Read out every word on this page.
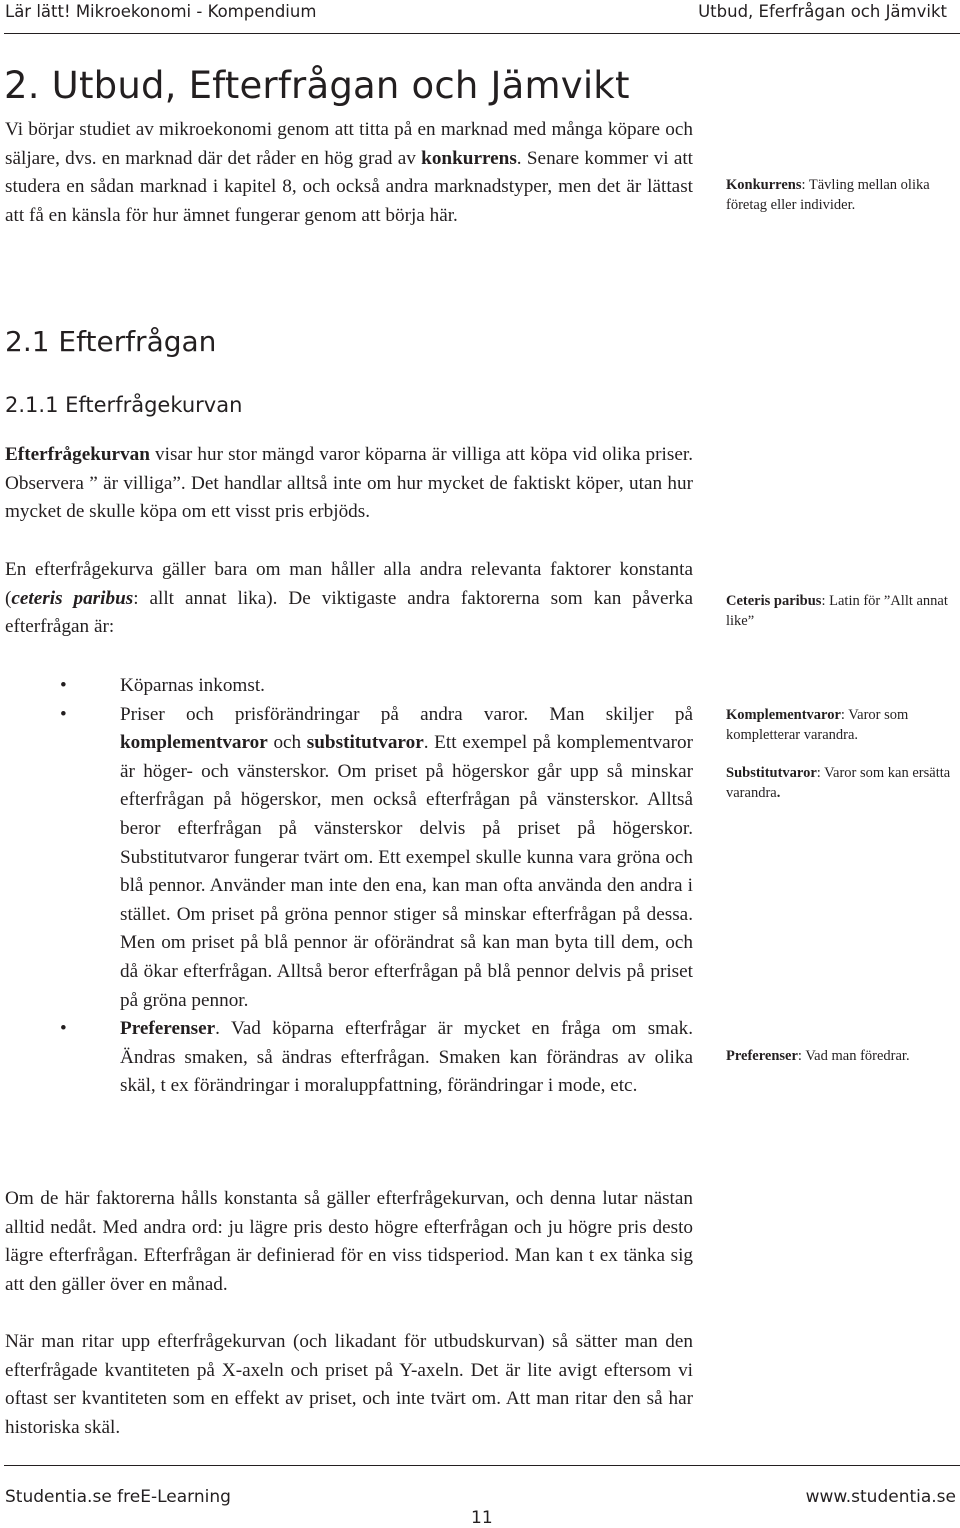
Lär lätt! Mikroekonomi - Kompendium	Utbud, Eferfrågan och Jämvikt
2. Utbud, Efterfrågan och Jämvikt

Vi börjar studiet av mikroekonomi genom att titta på en marknad med många köpare och säljare, dvs. en marknad där det råder en hög grad av konkurrens. Senare kommer vi att studera en sådan marknad i kapitel 8, och också andra marknadstyper, men det är lättast att få en känsla för hur ämnet fungerar genom att börja här.

Konkurrens: Tävling mellan olika företag eller individer.

2.1 Efterfrågan
2.1.1 Efterfrågekurvan

Efterfrågekurvan visar hur stor mängd varor köparna är villiga att köpa vid olika priser. Observera ” är villiga”. Det handlar alltså inte om hur mycket de faktiskt köper, utan hur mycket de skulle köpa om ett visst pris erbjöds.

En efterfrågekurva gäller bara om man håller alla andra relevanta faktorer konstanta (ceteris paribus: allt annat lika). De viktigaste andra faktorerna som kan påverka efterfrågan är:

Ceteris paribus: Latin för ”Allt annat like”

•	Köparnas inkomst.
•	Priser och prisförändringar på andra varor. Man skiljer på komplementvaror och substitutvaror. Ett exempel på komplementvaror är höger- och vänsterskor. Om priset på högerskor går upp så minskar efterfrågan på högerskor, men också efterfrågan på vänsterskor. Alltså beror efterfrågan på vänsterskor delvis på priset på högerskor. Substitutvaror fungerar tvärt om. Ett exempel skulle kunna vara gröna och blå pennor. Använder man inte den ena, kan man ofta använda den andra i stället. Om priset på gröna pennor stiger så minskar efterfrågan på dessa. Men om priset på blå pennor är oförändrat så kan man byta till dem, och då ökar efterfrågan. Alltså beror efterfrågan på blå pennor delvis på priset på gröna pennor.
•	Preferenser. Vad köparna efterfrågar är mycket en fråga om smak. Ändras smaken, så ändras efterfrågan. Smaken kan förändras av olika skäl, t ex förändringar i moraluppfattning, förändringar i mode, etc.

Komplementvaror: Varor som kompletterar varandra.

Substitutvaror: Varor som kan ersätta varandra.

Preferenser: Vad man föredrar.

Om de här faktorerna hålls konstanta så gäller efterfrågekurvan, och denna lutar nästan alltid nedåt. Med andra ord: ju lägre pris desto högre efterfrågan och ju högre pris desto lägre efterfrågan. Efterfrågan är definierad för en viss tidsperiod. Man kan t ex tänka sig att den gäller över en månad.

När man ritar upp efterfrågekurvan (och likadant för utbudskurvan) så sätter man den efterfrågade kvantiteten på X-axeln och priset på Y-axeln. Det är lite avigt eftersom vi oftast ser kvantiteten som en effekt av priset, och inte tvärt om. Att man ritar den så har historiska skäl.

Studentia.se freE-Learning	www.studentia.se
11
